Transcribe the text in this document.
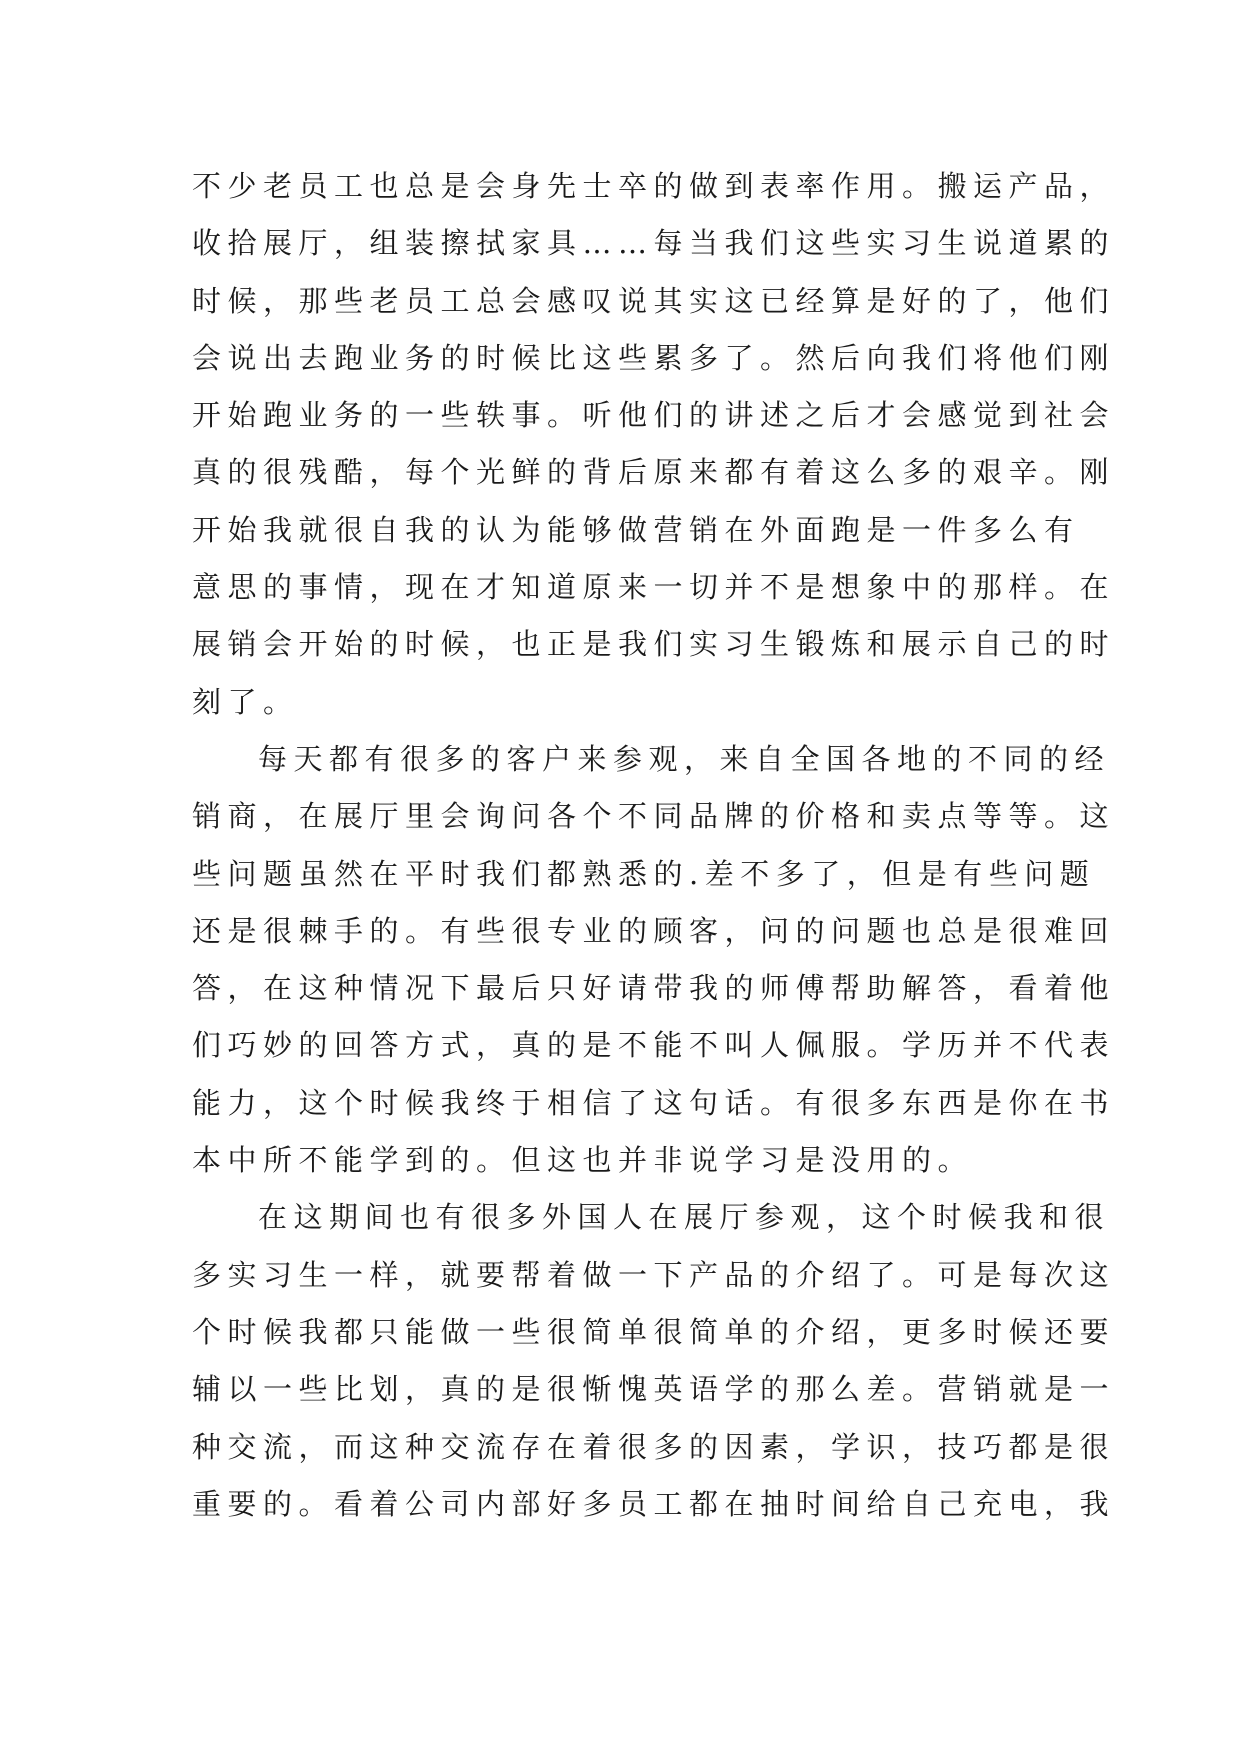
不少老员工也总是会身先士卒的做到表率作用。搬运产品，
收拾展厅，组装擦拭家具……每当我们这些实习生说道累的
时候，那些老员工总会感叹说其实这已经算是好的了，他们
会说出去跑业务的时候比这些累多了。然后向我们将他们刚
开始跑业务的一些轶事。听他们的讲述之后才会感觉到社会
真的很残酷，每个光鲜的背后原来都有着这么多的艰辛。刚
开始我就很自我的认为能够做营销在外面跑是一件多么有
意思的事情，现在才知道原来一切并不是想象中的那样。在
展销会开始的时候，也正是我们实习生锻炼和展示自己的时
刻了。
每天都有很多的客户来参观，来自全国各地的不同的经
销商，在展厅里会询问各个不同品牌的价格和卖点等等。这
些问题虽然在平时我们都熟悉的.差不多了，但是有些问题
还是很棘手的。有些很专业的顾客，问的问题也总是很难回
答，在这种情况下最后只好请带我的师傅帮助解答，看着他
们巧妙的回答方式，真的是不能不叫人佩服。学历并不代表
能力，这个时候我终于相信了这句话。有很多东西是你在书
本中所不能学到的。但这也并非说学习是没用的。
在这期间也有很多外国人在展厅参观，这个时候我和很
多实习生一样，就要帮着做一下产品的介绍了。可是每次这
个时候我都只能做一些很简单很简单的介绍，更多时候还要
辅以一些比划，真的是很惭愧英语学的那么差。营销就是一
种交流，而这种交流存在着很多的因素，学识，技巧都是很
重要的。看着公司内部好多员工都在抽时间给自己充电，我
